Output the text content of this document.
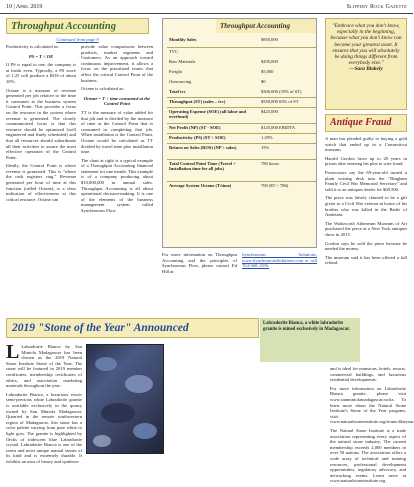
10 | April 2019	Slippery Rock Gazette
Throughput Accounting
Continued from page 9

Productivity is calculated as:

PS = T ÷ OE

If PS is equal to one, the company is at break even. Typically, a PS score of 1.25 will produce a ROS of about 10%.

Octane is a measure of revenue generated per job relative to the time it consumes at the business system Control Point. This provides a focus on the resource in the system where revenue is generated. The closely communicated focus is that this resource should be optimized (well engineered and finely scheduled) and that all resources should subordinate all their activities to assure the most effective operation of the Control Point.

Ideally, the Control Point is where revenue is generated. This is "where the cash registers ring." Revenue generated per hour of time at this function (called Octane), is a clear indication of effectiveness at this critical resource. Octane can

provide value comparisons between products, market segments and Customers. As an approach toward continuous improvement, it allows a focus on the prioritized issues that affect the critical Control Point of the business.

Octane is calculated as:

Octane = T ÷ time consumed at the Control Point

TT is the measure of value added for that job and is divided by the measure of time at the Control Point that is consumed in completing that job. When installation is the Control Point, Octane would be calculated as TT divided by travel time plus installation time.

The chart at right is a typical example of a Throughput Accounting financial statement for one month. This example is of a company producing about $10,000,000 in annual sales. Throughput Accounting is all about operational decision-making. It is one of the elements of the business management system called Synchronous Flow.

Throughput Accounting
Monthly Sales	$850,000
TVC
Raw Materials	$295,000
Freight	$5,000
Outsourcing	$0
Total tvc	$300,000 (35% of ST)
Throughput (ST) (sales – tvc)	$550,000 65% of ST
Operating Expense (SOE) (all labor and overhead)
$425,000
Net Profit (NP) (ST - SOE)	$125,000 EBIDTA
Productivity (PS) (ST ÷ SOE)	1.29%
Return on Sales (ROS) (NP ÷ sales)	15%
Total Control Point Time (Travel + Installation time for all jobs)
786 hours
Average System Octane (T/time)	700 ($T ÷ 786)

For more information on Throughput Accounting and the principles of Synchronous Flow, please contact Ed Hill at

Synchronous Solutions, www.SynchronousSolutions.com or call 704-360-1356.

"Embrace what you don't know, especially in the beginning, because what you don't know can become your greatest asset. It ensures that you will absolutely be doing things different from everybody else."
—Sara Blakely
Antique Fraud

A man has pleaded guilty to buying a gold watch that ended up in a Connecticut museum.

Harold Gordon faces up to 20 years in prison after entering his plea to wire fraud.

Prosecutors say the 69-year-old turned a plain wrising desk into the "Bingham Family Civil War Memorial Secretary" and sold it to an antiques dealer for $68,500.

The piece was falsely claimed to be a gift given to a Civil War veteran in honor of his brother who was killed in the Battle of Antietam.

The Wadsworth Atheneum Museum of Art purchased the piece at a New York antiques show in 2015.

Gordon says he sold the piece because he needed the money.

The museum said it has been offered a full refund.

2019 "Stone of the Year" Announced	Labradorite Bianca, a white labradorite granite is mined exclusively in Madagascar.

L Labradorite Bianca by San Miniola Madagascar has been chosen as the 2019 Natural Stone Institute Stone of the Year. The stone will be featured in 2019 member certificates, membership certificates of ethics, and association marketing materials throughout the year.

Labradorite Bianca, a luxurious exotic semi-precious white Labradorite granite is available exclusively in the quarry owned by San Miniola Madagascar. Quarried in the remote southwestern region of Madagascar, this stone has a color palette varying from pure white to light grey. The granite is highlighted by flecks of iridescent blue Labradorite crystal. Labradorite Bianca is one of the rarest and most unique natural stones of its kind and is extremely durable. It exhibits an aura of luxury and opulence

and is ideal for mansions, hotels, resorts, commercial buildings, and luxurious residential developments.

For more information on Labradorite Bianca granite, please visit www.sanminiolamadagascar.rocks. To learn more about the Natural Stone Institute's Stone of the Year program, visit www.naturalstoneinstitute.org/stoneoftheyear.

The Natural Stone Institute is a trade association representing every aspect of the natural stone industry. The current membership exceeds 2,000 members in over 50 nations. The association offers a wide array of technical and training resources, professional development opportunities, regulatory advocacy, and networking events. Learn more at www.naturalstoneinstitute.org
